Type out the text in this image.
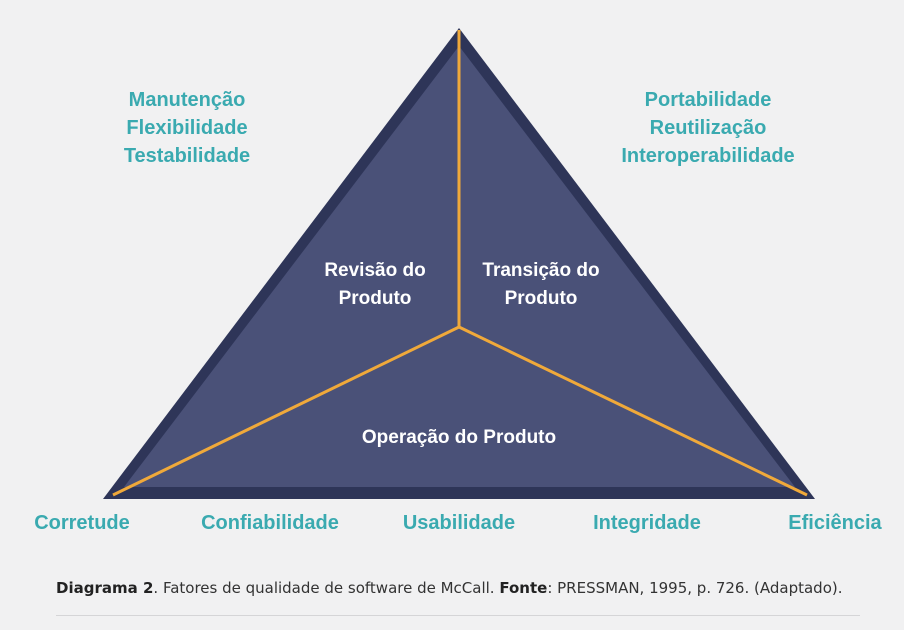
Manutenção
Flexibilidade
Testabilidade
Portabilidade
Reutilização
Interoperabilidade
Revisão do
Produto
Transição do
Produto
Operação do Produto
Corretude	Confiabilidade	Usabilidade	Integridade	Eficiência
Diagrama 2. Fatores de qualidade de software de McCall. Fonte: PRESSMAN, 1995, p. 726. (Adaptado).
